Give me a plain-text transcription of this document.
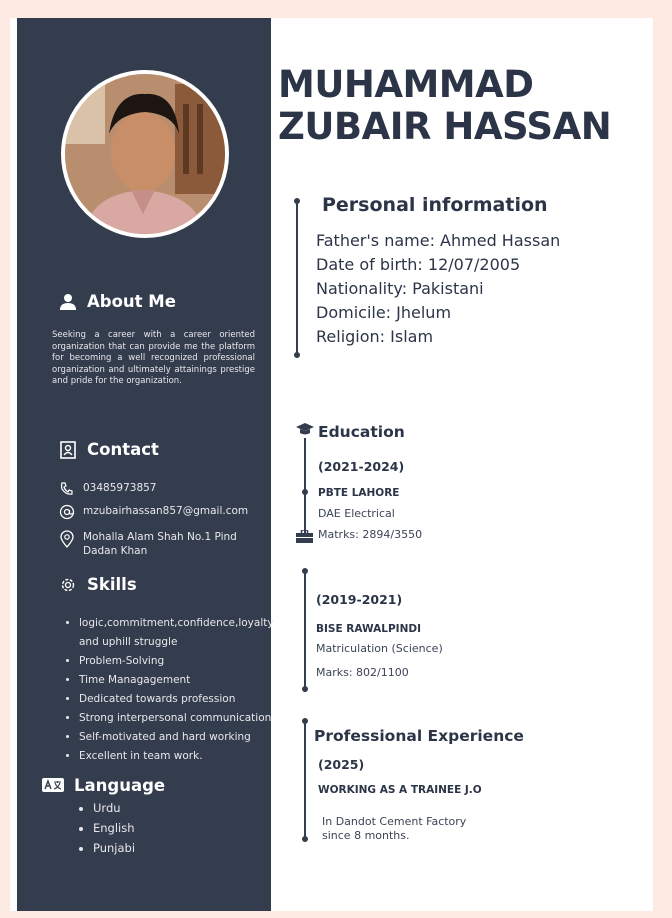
About Me
Seeking a career with a career oriented organization that can provide me the platform for becoming a well recognized professional organization and ultimately attainings prestige and pride for the organization.
Contact
03485973857
mzubairhassan857@gmail.com
Mohalla Alam Shah No.1 Pind
Dadan Khan
Skills
• logic,commitment,confidence,loyalty and uphill struggle
• Problem-Solving
• Time Managagement
• Dedicated towards profession
• Strong interpersonal communication
• Self-motivated and hard working
• Excellent in team work.
Language
• Urdu
• English
• Punjabi
MUHAMMAD
ZUBAIR HASSAN
Personal information
Father's name: Ahmed Hassan
Date of birth: 12/07/2005
Nationality: Pakistani
Domicile: Jhelum
Religion: Islam
Education
(2021-2024)
PBTE LAHORE
DAE Electrical
Matrks: 2894/3550
(2019-2021)
BISE RAWALPINDI
Matriculation (Science)
Marks: 802/1100
Professional Experience
(2025)
WORKING AS A TRAINEE J.O
In Dandot Cement Factory
since 8 months.
